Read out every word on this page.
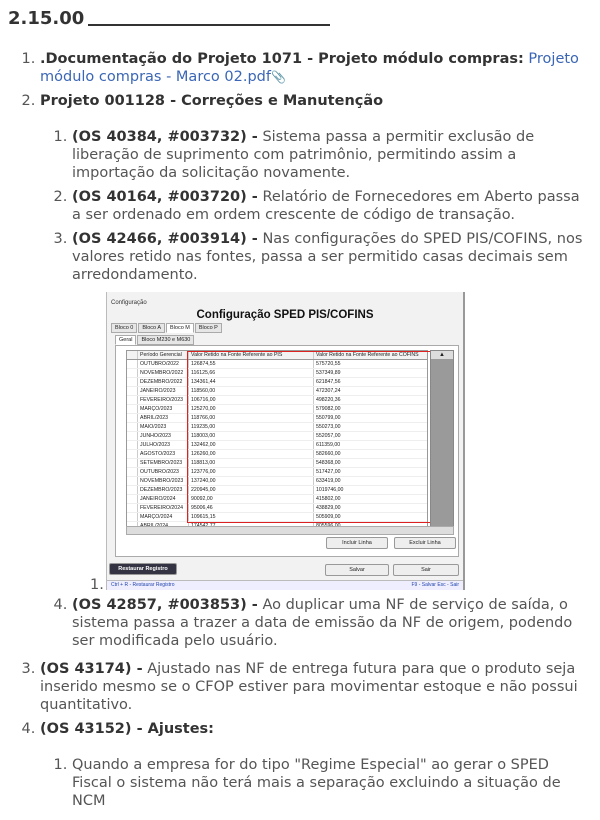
2.15.00
1. .Documentação do Projeto 1071 - Projeto módulo compras: Projeto módulo compras - Marco 02.pdf📎
2. Projeto 001128 - Correções e Manutenção
1. (OS 40384, #003732) - Sistema passa a permitir exclusão de liberação de suprimento com patrimônio, permitindo assim a importação da solicitação novamente.
2. (OS 40164, #003720) - Relatório de Fornecedores em Aberto passa a ser ordenado em ordem crescente de código de transação.
3. (OS 42466, #003914) - Nas configurações do SPED PIS/COFINS, nos valores retido nas fontes, passa a ser permitido casas decimais sem arredondamento.
1.
Configuração
Configuração SPED PIS/COFINS
Bloco 0	Bloco A	Bloco M	Bloco P
Geral	Bloco M230 e M630
Período Gerencial	Valor Retido na Fonte Referente ao PIS	Valor Retido na Fonte Referente ao COFINS
OUTUBRO/2022	126874,55	575720,55
NOVEMBRO/2022	116125,66	537349,89
DEZEMBRO/2022	134361,44	621847,56
JANEIRO/2023	118560,00	472307,24
FEVEREIRO/2023	106716,00	498220,36
MARÇO/2023	125270,00	579082,00
ABRIL/2023	118766,00	550799,00
MAIO/2023	119235,00	550273,00
JUNHO/2023	118003,00	552057,00
JULHO/2023	132462,00	611359,00
AGOSTO/2023	126260,00	582660,00
SETEMBRO/2023	118813,00	548368,00
OUTUBRO/2023	123776,00	517427,00
NOVEMBRO/2023	137240,00	633419,00
DEZEMBRO/2023	220945,00	1019746,00
JANEIRO/2024	90092,00	415802,00
FEVEREIRO/2024	95006,46	438829,00
MARÇO/2024	109615,15	505909,00
▲
Incluir Linha	Excluir Linha
Restaurar Registro	Salvar	Sair
Ctrl + R - Restaurar Registro	F9 - Salvar Esc - Sair
4. (OS 42857, #003853) - Ao duplicar uma NF de serviço de saída, o sistema passa a trazer a data de emissão da NF de origem, podendo ser modificada pelo usuário.
3. (OS 43174) - Ajustado nas NF de entrega futura para que o produto seja inserido mesmo se o CFOP estiver para movimentar estoque e não possui quantitativo.
4. (OS 43152) - Ajustes:
1. Quando a empresa for do tipo "Regime Especial" ao gerar o SPED Fiscal o sistema não terá mais a separação excluindo a situação de NCM
